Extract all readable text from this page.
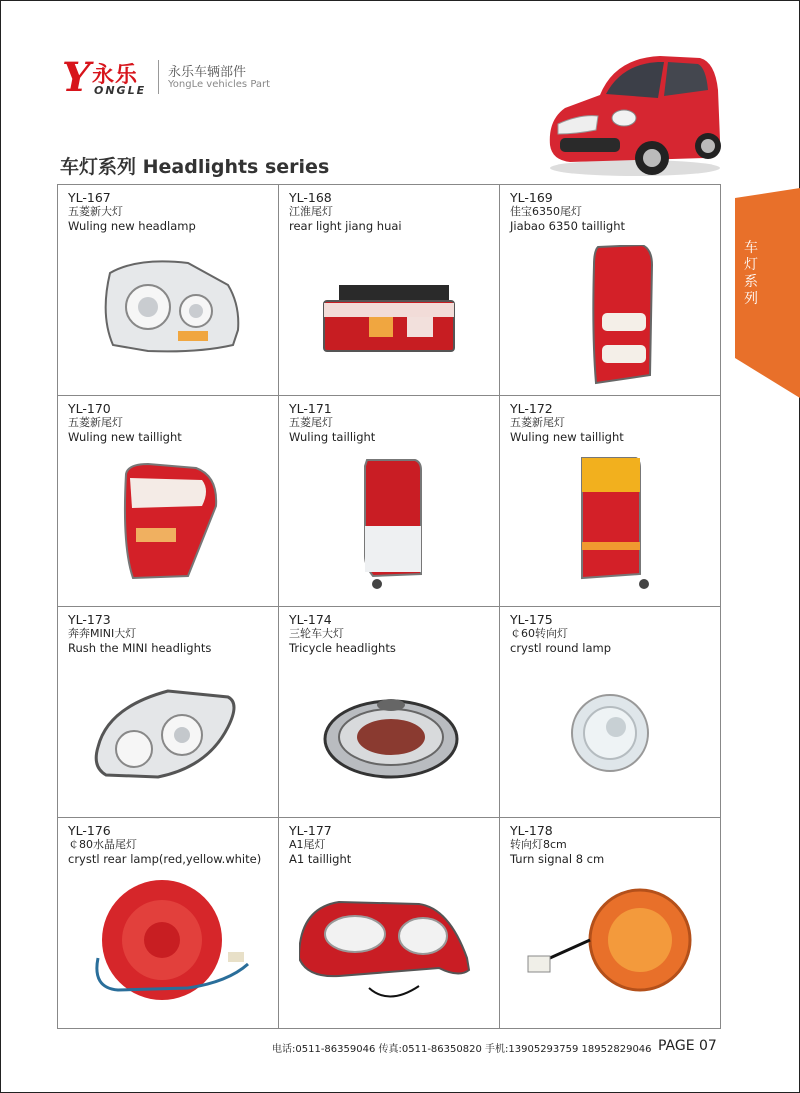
Y 永乐
ONGLE
永乐车辆部件
YongLe vehicles Part
车灯系列 Headlights series
车灯系列
YL-167
五菱新大灯
Wuling new headlamp	YL-168
江淮尾灯
rear light jiang huai	YL-169
佳宝6350尾灯
Jiabao 6350 taillight

YL-170
五菱新尾灯
Wuling new taillight	YL-171
五菱尾灯
Wuling taillight	YL-172
五菱新尾灯
Wuling new taillight

YL-173
奔奔MINI大灯
Rush the MINI headlights	YL-174
三轮车大灯
Tricycle headlights	YL-175
￠60转向灯
crystl round lamp

YL-176
￠80水晶尾灯
crystl rear lamp(red,yellow.white)	YL-177
A1尾灯
A1 taillight	YL-178
转向灯8cm
Turn signal 8 cm
电话:0511-86359046 传真:0511-86350820 手机:13905293759 18952829046 PAGE 07
